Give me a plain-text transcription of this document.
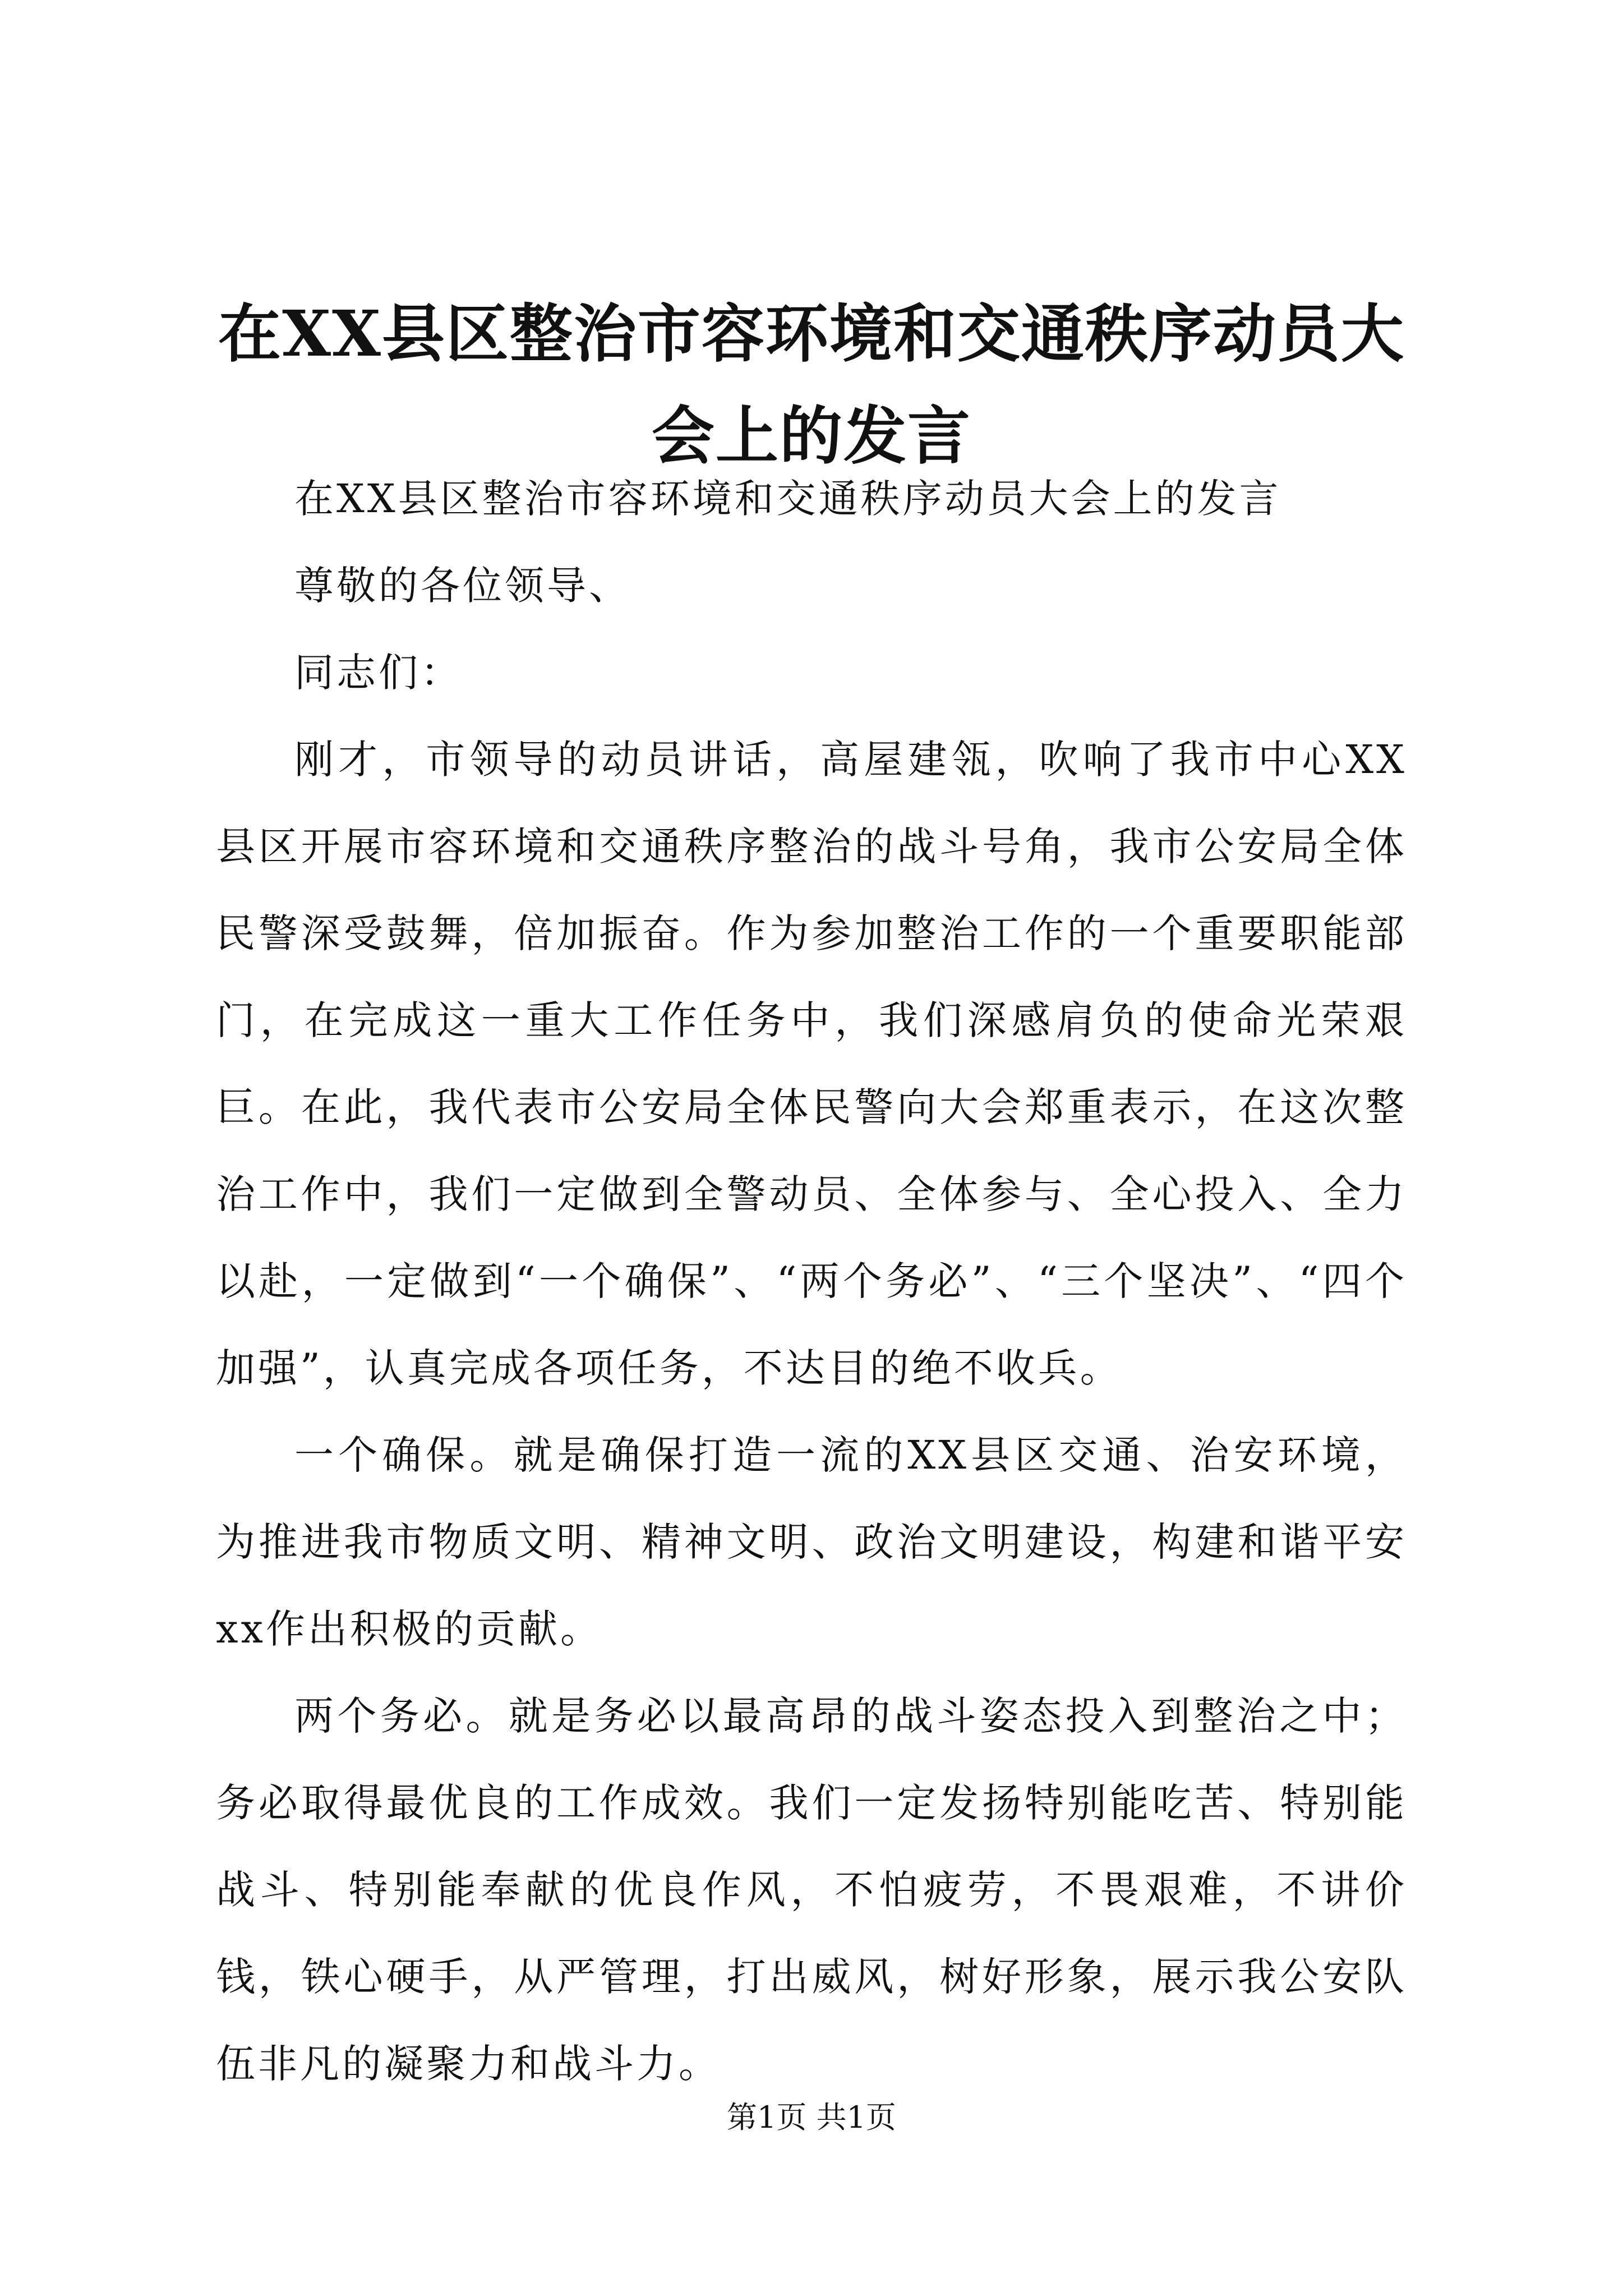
在XX县区整治市容环境和交通秩序动员大会上的发言

在XX县区整治市容环境和交通秩序动员大会上的发言

尊敬的各位领导、

同志们：

刚才，市领导的动员讲话，高屋建瓴，吹响了我市中心XX县区开展市容环境和交通秩序整治的战斗号角，我市公安局全体民警深受鼓舞，倍加振奋。作为参加整治工作的一个重要职能部门，在完成这一重大工作任务中，我们深感肩负的使命光荣艰巨。在此，我代表市公安局全体民警向大会郑重表示，在这次整治工作中，我们一定做到全警动员、全体参与、全心投入、全力以赴，一定做到“一个确保”、“两个务必”、“三个坚决”、“四个加强”，认真完成各项任务，不达目的绝不收兵。

一个确保。就是确保打造一流的XX县区交通、治安环境，为推进我市物质文明、精神文明、政治文明建设，构建和谐平安xx作出积极的贡献。

两个务必。就是务必以最高昂的战斗姿态投入到整治之中；务必取得最优良的工作成效。我们一定发扬特别能吃苦、特别能战斗、特别能奉献的优良作风，不怕疲劳，不畏艰难，不讲价钱，铁心硬手，从严管理，打出威风，树好形象，展示我公安队伍非凡的凝聚力和战斗力。

第1页 共1页
